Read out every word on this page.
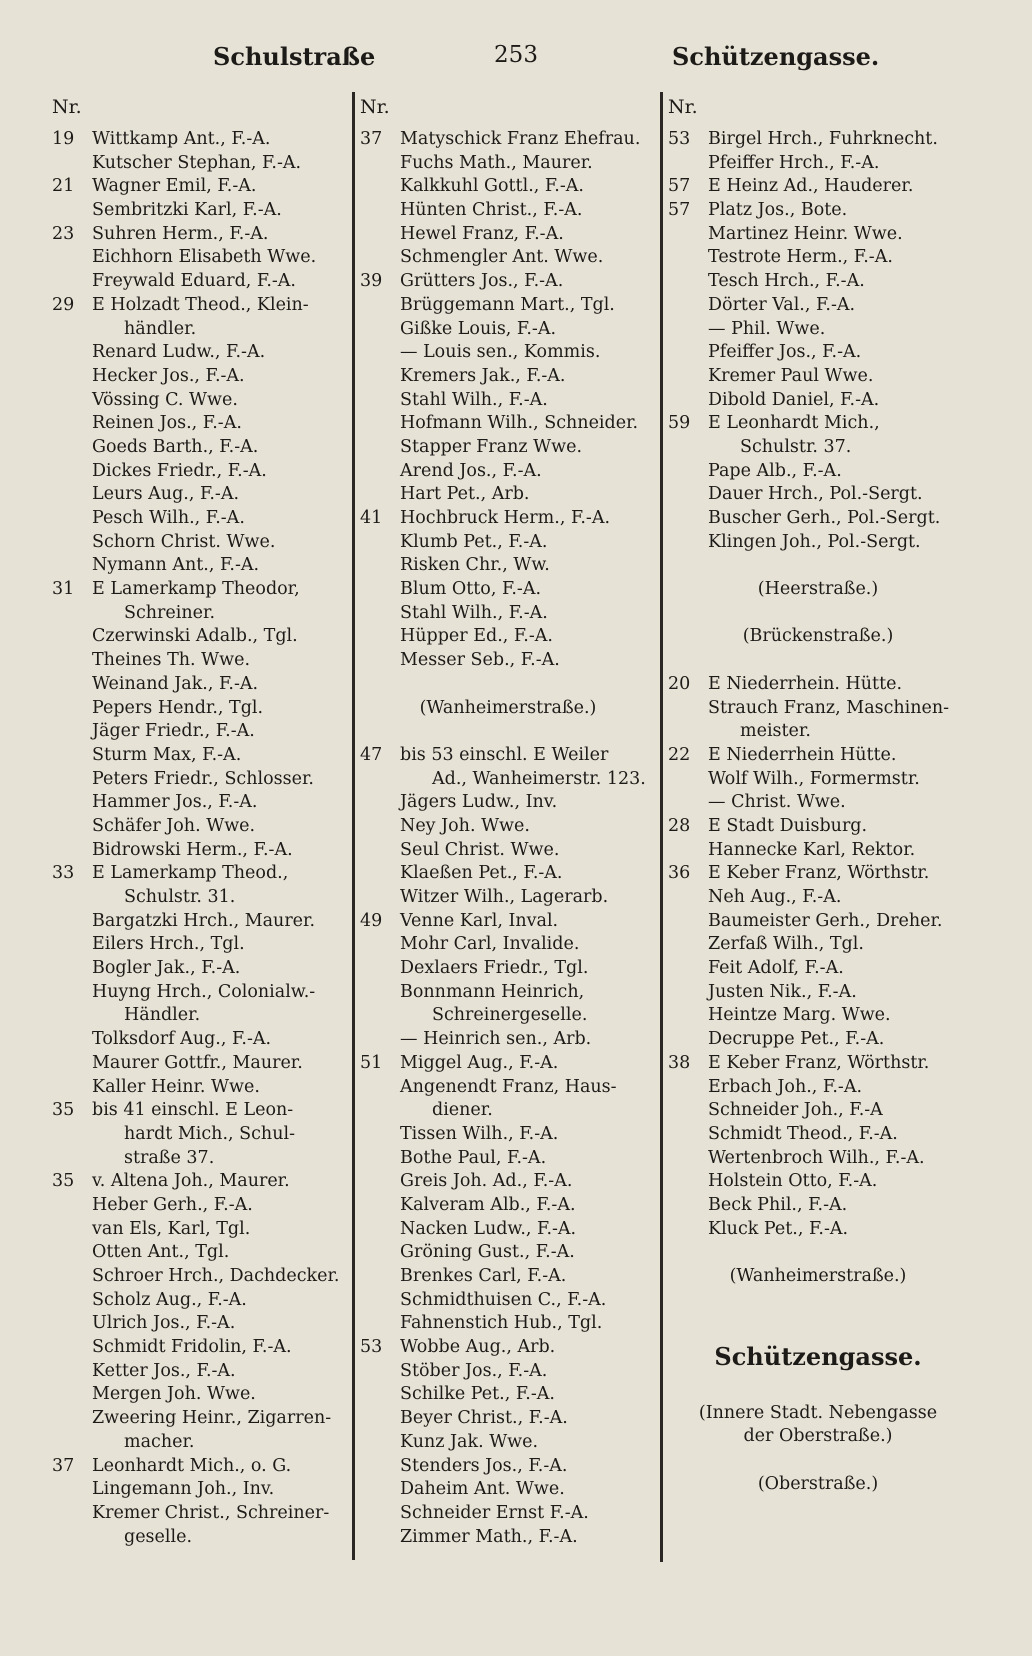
Schulstraße	253	Schützengasse.
Nr.
19	Wittkamp Ant., F.-A.
Kutscher Stephan, F.-A.
21	Wagner Emil, F.-A.
Sembritzki Karl, F.-A.
23	Suhren Herm., F.-A.
Eichhorn Elisabeth Wwe.
Freywald Eduard, F.-A.
29	E Holzadt Theod., Klein-
händler.
Renard Ludw., F.-A.
Hecker Jos., F.-A.
Vössing C. Wwe.
Reinen Jos., F.-A.
Goeds Barth., F.-A.
Dickes Friedr., F.-A.
Leurs Aug., F.-A.
Pesch Wilh., F.-A.
Schorn Christ. Wwe.
Nymann Ant., F.-A.
31	E Lamerkamp Theodor,
Schreiner.
Czerwinski Adalb., Tgl.
Theines Th. Wwe.
Weinand Jak., F.-A.
Pepers Hendr., Tgl.
Jäger Friedr., F.-A.
Sturm Max, F.-A.
Peters Friedr., Schlosser.
Hammer Jos., F.-A.
Schäfer Joh. Wwe.
Bidrowski Herm., F.-A.
33	E Lamerkamp Theod.,
Schulstr. 31.
Bargatzki Hrch., Maurer.
Eilers Hrch., Tgl.
Bogler Jak., F.-A.
Huyng Hrch., Colonialw.-
Händler.
Tolksdorf Aug., F.-A.
Maurer Gottfr., Maurer.
Kaller Heinr. Wwe.
35	bis 41 einschl. E Leon-
hardt Mich., Schul-
straße 37.
35	v. Altena Joh., Maurer.
Heber Gerh., F.-A.
van Els, Karl, Tgl.
Otten Ant., Tgl.
Schroer Hrch., Dachdecker.
Scholz Aug., F.-A.
Ulrich Jos., F.-A.
Schmidt Fridolin, F.-A.
Ketter Jos., F.-A.
Mergen Joh. Wwe.
Zweering Heinr., Zigarren-
macher.
37	Leonhardt Mich., o. G.
Lingemann Joh., Inv.
Kremer Christ., Schreiner-
geselle.
Nr.
37	Matyschick Franz Ehefrau.
Fuchs Math., Maurer.
Kalkkuhl Gottl., F.-A.
Hünten Christ., F.-A.
Hewel Franz, F.-A.
Schmengler Ant. Wwe.
39	Grütters Jos., F.-A.
Brüggemann Mart., Tgl.
Gißke Louis, F.-A.
— Louis sen., Kommis.
Kremers Jak., F.-A.
Stahl Wilh., F.-A.
Hofmann Wilh., Schneider.
Stapper Franz Wwe.
Arend Jos., F.-A.
Hart Pet., Arb.
41	Hochbruck Herm., F.-A.
Klumb Pet., F.-A.
Risken Chr., Ww.
Blum Otto, F.-A.
Stahl Wilh., F.-A.
Hüpper Ed., F.-A.
Messer Seb., F.-A.
(Wanheimerstraße.)
47	bis 53 einschl. E Weiler
Ad., Wanheimerstr. 123.
Jägers Ludw., Inv.
Ney Joh. Wwe.
Seul Christ. Wwe.
Klaeßen Pet., F.-A.
Witzer Wilh., Lagerarb.
49	Venne Karl, Inval.
Mohr Carl, Invalide.
Dexlaers Friedr., Tgl.
Bonnmann Heinrich,
Schreinergeselle.
— Heinrich sen., Arb.
51	Miggel Aug., F.-A.
Angenendt Franz, Haus-
diener.
Tissen Wilh., F.-A.
Bothe Paul, F.-A.
Greis Joh. Ad., F.-A.
Kalveram Alb., F.-A.
Nacken Ludw., F.-A.
Gröning Gust., F.-A.
Brenkes Carl, F.-A.
Schmidthuisen C., F.-A.
Fahnenstich Hub., Tgl.
53	Wobbe Aug., Arb.
Stöber Jos., F.-A.
Schilke Pet., F.-A.
Beyer Christ., F.-A.
Kunz Jak. Wwe.
Stenders Jos., F.-A.
Daheim Ant. Wwe.
Schneider Ernst F.-A.
Zimmer Math., F.-A.
Nr.
53	Birgel Hrch., Fuhrknecht.
Pfeiffer Hrch., F.-A.
57	E Heinz Ad., Hauderer.
57	Platz Jos., Bote.
Martinez Heinr. Wwe.
Testrote Herm., F.-A.
Tesch Hrch., F.-A.
Dörter Val., F.-A.
— Phil. Wwe.
Pfeiffer Jos., F.-A.
Kremer Paul Wwe.
Dibold Daniel, F.-A.
59	E Leonhardt Mich.,
Schulstr. 37.
Pape Alb., F.-A.
Dauer Hrch., Pol.-Sergt.
Buscher Gerh., Pol.-Sergt.
Klingen Joh., Pol.-Sergt.
(Heerstraße.)
(Brückenstraße.)
20	E Niederrhein. Hütte.
Strauch Franz, Maschinen-
meister.
22	E Niederrhein Hütte.
Wolf Wilh., Formermstr.
— Christ. Wwe.
28	E Stadt Duisburg.
Hannecke Karl, Rektor.
36	E Keber Franz, Wörthstr.
Neh Aug., F.-A.
Baumeister Gerh., Dreher.
Zerfaß Wilh., Tgl.
Feit Adolf, F.-A.
Justen Nik., F.-A.
Heintze Marg. Wwe.
Decruppe Pet., F.-A.
38	E Keber Franz, Wörthstr.
Erbach Joh., F.-A.
Schneider Joh., F.-A
Schmidt Theod., F.-A.
Wertenbroch Wilh., F.-A.
Holstein Otto, F.-A.
Beck Phil., F.-A.
Kluck Pet., F.-A.
(Wanheimerstraße.)
Schützengasse.
(Innere Stadt. Nebengasse
der Oberstraße.)
(Oberstraße.)
